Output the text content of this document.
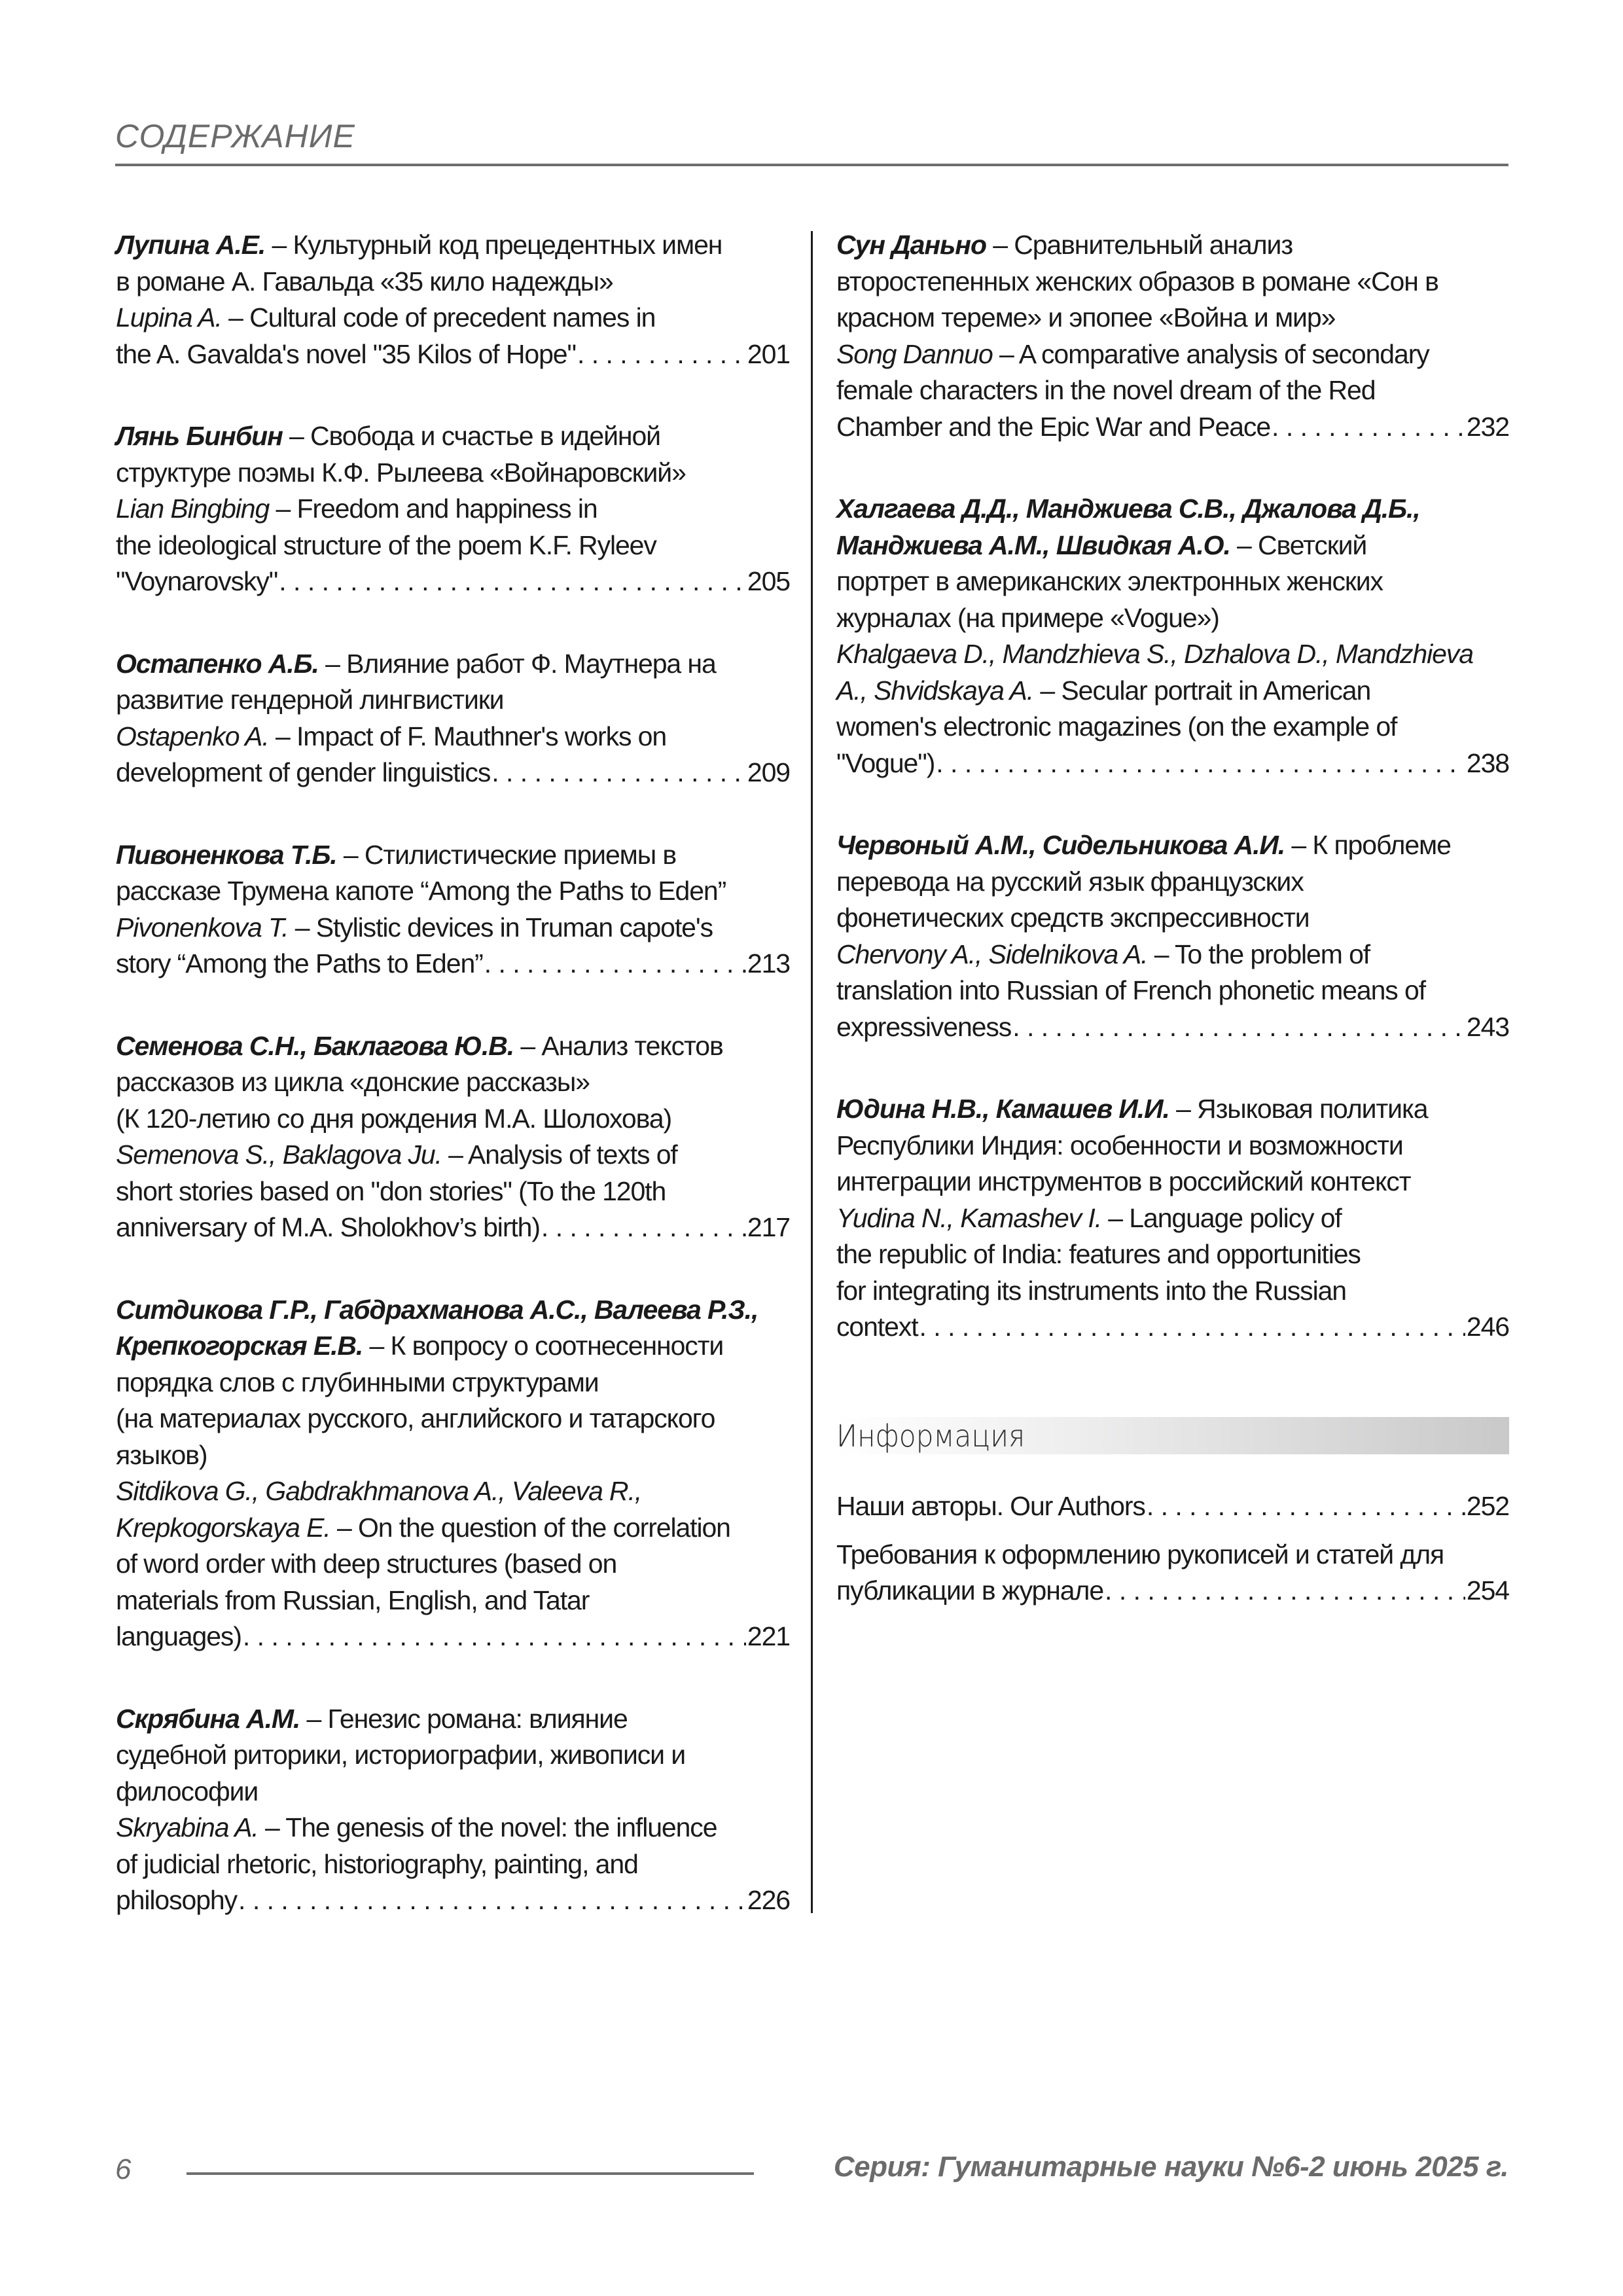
СОДЕРЖАНИЕ
Лупина А.Е. – Культурный код прецедентных имен
в романе А. Гавальда «35 кило надежды»
Lupina A. – Cultural code of precedent names in
the A. Gavalda's novel "35 Kilos of Hope" . . .	201
Лянь Бинбин – Свобода и счастье в идейной
структуре поэмы К.Ф. Рылеева «Войнаровский»
Lian Bingbing – Freedom and happiness in
the ideological structure of the poem K.F. Ryleev
"Voynarovsky" . . .	205
Остапенко А.Б. – Влияние работ Ф. Маутнера на
развитие гендерной лингвистики
Ostapenko A. – Impact of F. Mauthner's works on
development of gender linguistics . . .	209
Пивоненкова Т.Б. – Стилистические приемы в
рассказе Трумена капоте “Among the Paths to Eden”
Pivonenkova T. – Stylistic devices in Truman capote's
story “Among the Paths to Eden” . . .	213
Семенова С.Н., Баклагова Ю.В. – Анализ текстов
рассказов из цикла «донские рассказы»
(К 120-летию со дня рождения М.А. Шолохова)
Semenova S., Baklagova Ju. – Analysis of texts of
short stories based on "don stories" (To the 120th
anniversary of M.A. Sholokhov’s birth) . . .	217
Ситдикова Г.Р., Габдрахманова А.С., Валеева Р.З., Крепкогорская Е.В. – К вопросу о соотнесенности
порядка слов с глубинными структурами
(на материалах русского, английского и татарского
языков)
Sitdikova G., Gabdrakhmanova A., Valeeva R., Krepkogorskaya E. – On the question of the correlation
of word order with deep structures (based on
materials from Russian, English, and Tatar
languages) . . .	221
Скрябина А.М. – Генезис романа: влияние
судебной риторики, историографии, живописи и
философии
Skryabina A. – The genesis of the novel: the influence
of judicial rhetoric, historiography, painting, and
philosophy . . .	226
Сун Даньно – Сравнительный анализ
второстепенных женских образов в романе «Сон в
красном тереме» и эпопее «Война и мир»
Song Dannuo – A comparative analysis of secondary
female characters in the novel dream of the Red
Chamber and the Epic War and Peace . . .	232
Халгаева Д.Д., Манджиева С.В., Джалова Д.Б., Манджиева А.М., Швидкая А.О. – Светский
портрет в американских электронных женских
журналах (на примере «Vogue»)
Khalgaeva D., Mandzhieva S., Dzhalova D., Mandzhieva A., Shvidskaya A. – Secular portrait in American
women's electronic magazines (on the example of
"Vogue") . . .	238
Червоный А.М., Сидельникова А.И. – К проблеме
перевода на русский язык французских
фонетических средств экспрессивности
Chervony A., Sidelnikova A. – To the problem of
translation into Russian of French phonetic means of
expressiveness . . .	243
Юдина Н.В., Камашев И.И. – Языковая политика
Республики Индия: особенности и возможности
интеграции инструментов в российский контекст
Yudina N., Kamashev I. – Language policy of
the republic of India: features and opportunities
for integrating its instruments into the Russian
context . . .	246
Информация
Наши авторы. Our Authors . . .	252
Требования к оформлению рукописей и статей для
публикации в журнале . . .	254
6	Серия: Гуманитарные науки №6-2 июнь 2025 г.
